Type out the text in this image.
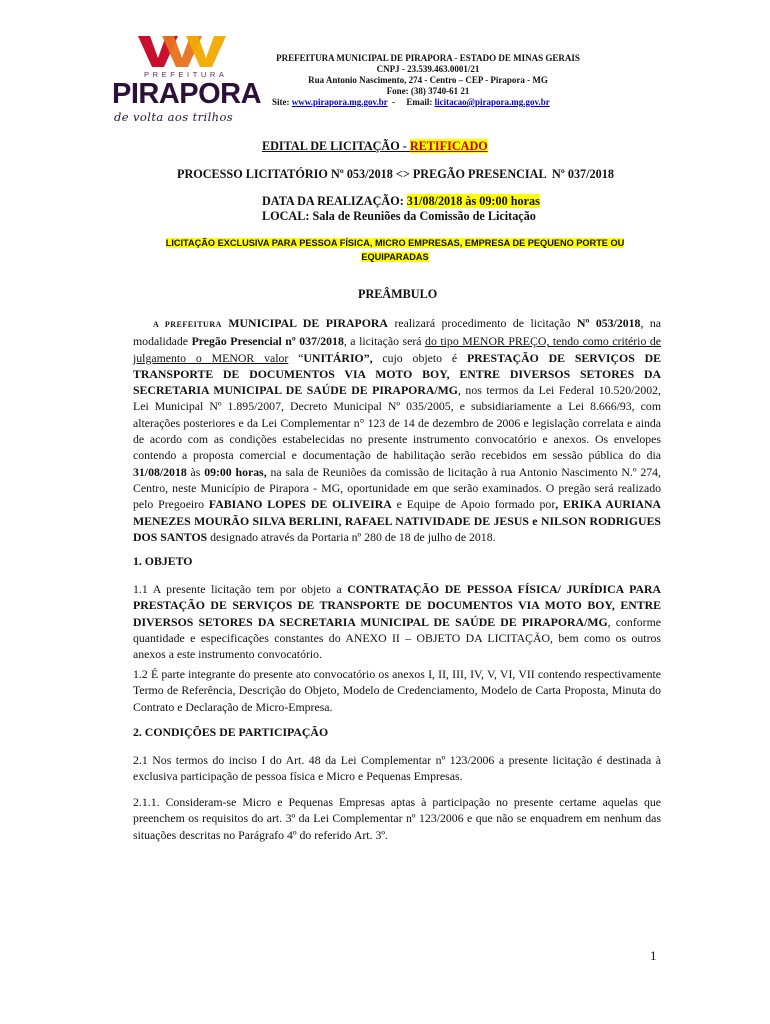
PREFEITURA
PIRAPORA
de volta aos trilhos
PREFEITURA MUNICIPAL DE PIRAPORA - ESTADO DE MINAS GERAIS
CNPJ - 23.539.463.0001/21
Rua Antonio Nascimento, 274 - Centro – CEP - Pirapora - MG
Fone: (38) 3740-61 21
Site: www.pirapora.mg.gov.br  -     Email: licitacao@pirapora.mg.gov.br
EDITAL DE LICITAÇÃO - RETIFICADO
PROCESSO LICITATÓRIO Nº 053/2018 <> PREGÃO PRESENCIAL Nº 037/2018
DATA DA REALIZAÇÃO: 31/08/2018 às 09:00 horas
LOCAL: Sala de Reuniões da Comissão de Licitação
LICITAÇÃO EXCLUSIVA PARA PESSOA FÍSICA, MICRO EMPRESAS, EMPRESA DE PEQUENO PORTE OU
EQUIPARADAS
PREÂMBULO
A PREFEITURA MUNICIPAL DE PIRAPORA realizará procedimento de licitação Nº 053/2018, na modalidade Pregão Presencial nº 037/2018, a licitação será do tipo MENOR PREÇO, tendo como critério de julgamento o MENOR valor “UNITÁRIO”, cujo objeto é PRESTAÇÃO DE SERVIÇOS DE TRANSPORTE DE DOCUMENTOS VIA MOTO BOY, ENTRE DIVERSOS SETORES DA SECRETARIA MUNICIPAL DE SAÚDE DE PIRAPORA/MG, nos termos da Lei Federal 10.520/2002, Lei Municipal Nº 1.895/2007, Decreto Municipal Nº 035/2005, e subsidiariamente a Lei 8.666/93, com alterações posteriores e da Lei Complementar n° 123 de 14 de dezembro de 2006 e legislação correlata e ainda de acordo com as condições estabelecidas no presente instrumento convocatório e anexos. Os envelopes contendo a proposta comercial e documentação de habilitação serão recebidos em sessão pública do dia 31/08/2018 às 09:00 horas, na sala de Reuniões da comissão de licitação à rua Antonio Nascimento N.º 274, Centro, neste Município de Pirapora - MG, oportunidade em que serão examinados. O pregão será realizado pelo Pregoeiro FABIANO LOPES DE OLIVEIRA e Equipe de Apoio formado por, ERIKA AURIANA MENEZES MOURÃO SILVA BERLINI, RAFAEL NATIVIDADE DE JESUS e NILSON RODRIGUES DOS SANTOS designado através da Portaria nº 280 de 18 de julho de 2018.
1. OBJETO
1.1 A presente licitação tem por objeto a CONTRATAÇÃO DE PESSOA FÍSICA/ JURÍDICA PARA PRESTAÇÃO DE SERVIÇOS DE TRANSPORTE DE DOCUMENTOS VIA MOTO BOY, ENTRE DIVERSOS SETORES DA SECRETARIA MUNICIPAL DE SAÚDE DE PIRAPORA/MG, conforme quantidade e especificações constantes do ANEXO II – OBJETO DA LICITAÇÃO, bem como os outros anexos a este instrumento convocatório.
1.2 É parte integrante do presente ato convocatório os anexos I, II, III, IV, V, VI, VII contendo respectivamente Termo de Referência, Descrição do Objeto, Modelo de Credenciamento, Modelo de Carta Proposta, Minuta do Contrato e Declaração de Micro-Empresa.
2. CONDIÇÕES DE PARTICIPAÇÃO
2.1 Nos termos do inciso I do Art. 48 da Lei Complementar nº 123/2006 a presente licitação é destinada à exclusiva participação de pessoa física e Micro e Pequenas Empresas.
2.1.1. Consideram-se Micro e Pequenas Empresas aptas à participação no presente certame aquelas que preenchem os requisitos do art. 3º da Lei Complementar nº 123/2006 e que não se enquadrem em nenhum das situações descritas no Parágrafo 4º do referido Art. 3º.
1
